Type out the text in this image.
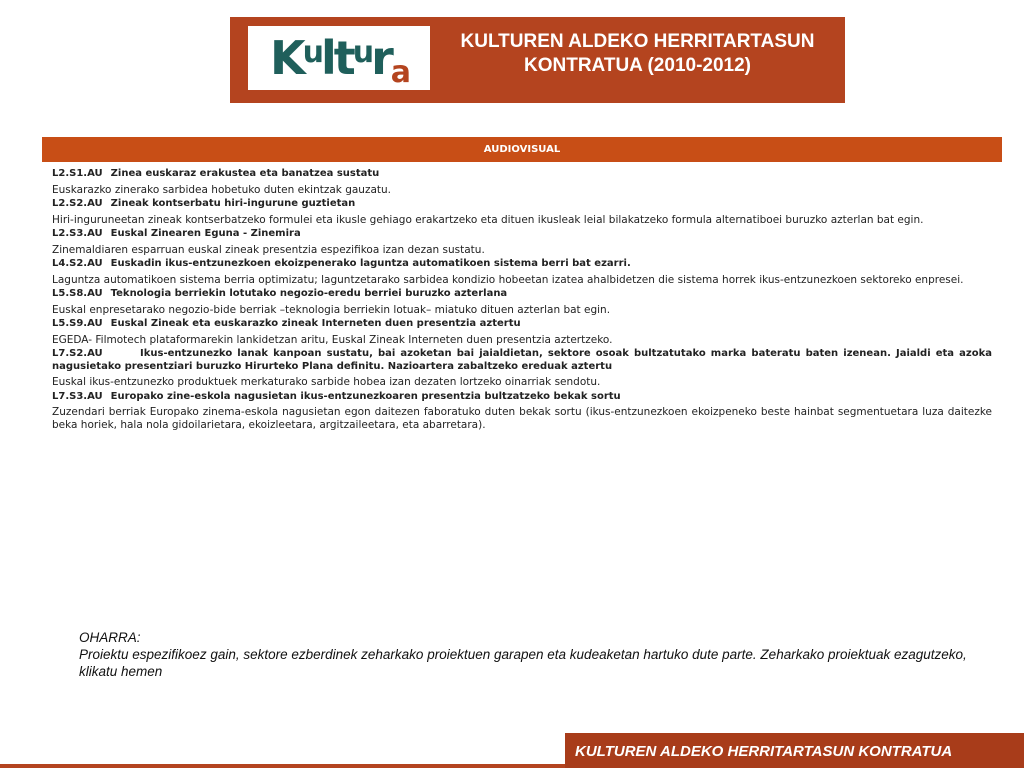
Kultura
KULTUREN ALDEKO HERRITARTASUN KONTRATUA (2010-2012)
AUDIOVISUAL
L2.S1.AU Zinea euskaraz erakustea eta banatzea sustatu
Euskarazko zinerako sarbidea hobetuko duten ekintzak gauzatu.
L2.S2.AU Zineak kontserbatu hiri-ingurune guztietan
Hiri-inguruneetan zineak kontserbatzeko formulei eta ikusle gehiago erakartzeko eta dituen ikusleak leial bilakatzeko formula alternatiboei buruzko azterlan bat egin.
L2.S3.AU Euskal Zinearen Eguna - Zinemira
Zinemaldiaren esparruan euskal zineak presentzia espezifikoa izan dezan sustatu.
L4.S2.AU Euskadin ikus-entzunezkoen ekoizpenerako laguntza automatikoen sistema berri bat ezarri.
Laguntza automatikoen sistema berria optimizatu; laguntzetarako sarbidea kondizio hobeetan izatea ahalbidetzen die sistema horrek ikus-entzunezkoen sektoreko enpresei.
L5.S8.AU Teknologia berriekin lotutako negozio-eredu berriei buruzko azterlana
Euskal enpresetarako negozio-bide berriak –teknologia berriekin lotuak– miatuko dituen azterlan bat egin.
L5.S9.AU Euskal Zineak eta euskarazko zineak Interneten duen presentzia aztertu
EGEDA- Filmotech plataformarekin lankidetzan aritu, Euskal Zineak Interneten duen presentzia aztertzeko.
L7.S2.AU	Ikus-entzunezko lanak kanpoan sustatu, bai azoketan bai jaialdietan, sektore osoak bultzatutako marka bateratu baten izenean. Jaialdi eta azoka nagusietako presentziari buruzko Hirurteko Plana definitu. Nazioartera zabaltzeko ereduak aztertu
Euskal ikus-entzunezko produktuek merkaturako sarbide hobea izan dezaten lortzeko oinarriak sendotu.
L7.S3.AU Europako zine-eskola nagusietan ikus-entzunezkoaren presentzia bultzatzeko bekak sortu
Zuzendari berriak Europako zinema-eskola nagusietan egon daitezen faboratuko duten bekak sortu (ikus-entzunezkoen ekoizpeneko beste hainbat segmentuetara luza daitezke beka horiek, hala nola gidoilarietara, ekoizleetara, argitzaileetara, eta abarretara).
OHARRA:
Proiektu espezifikoez gain, sektore ezberdinek zeharkako proiektuen garapen eta kudeaketan hartuko dute parte. Zeharkako proiektuak ezagutzeko, klikatu hemen
KULTUREN ALDEKO HERRITARTASUN KONTRATUA
